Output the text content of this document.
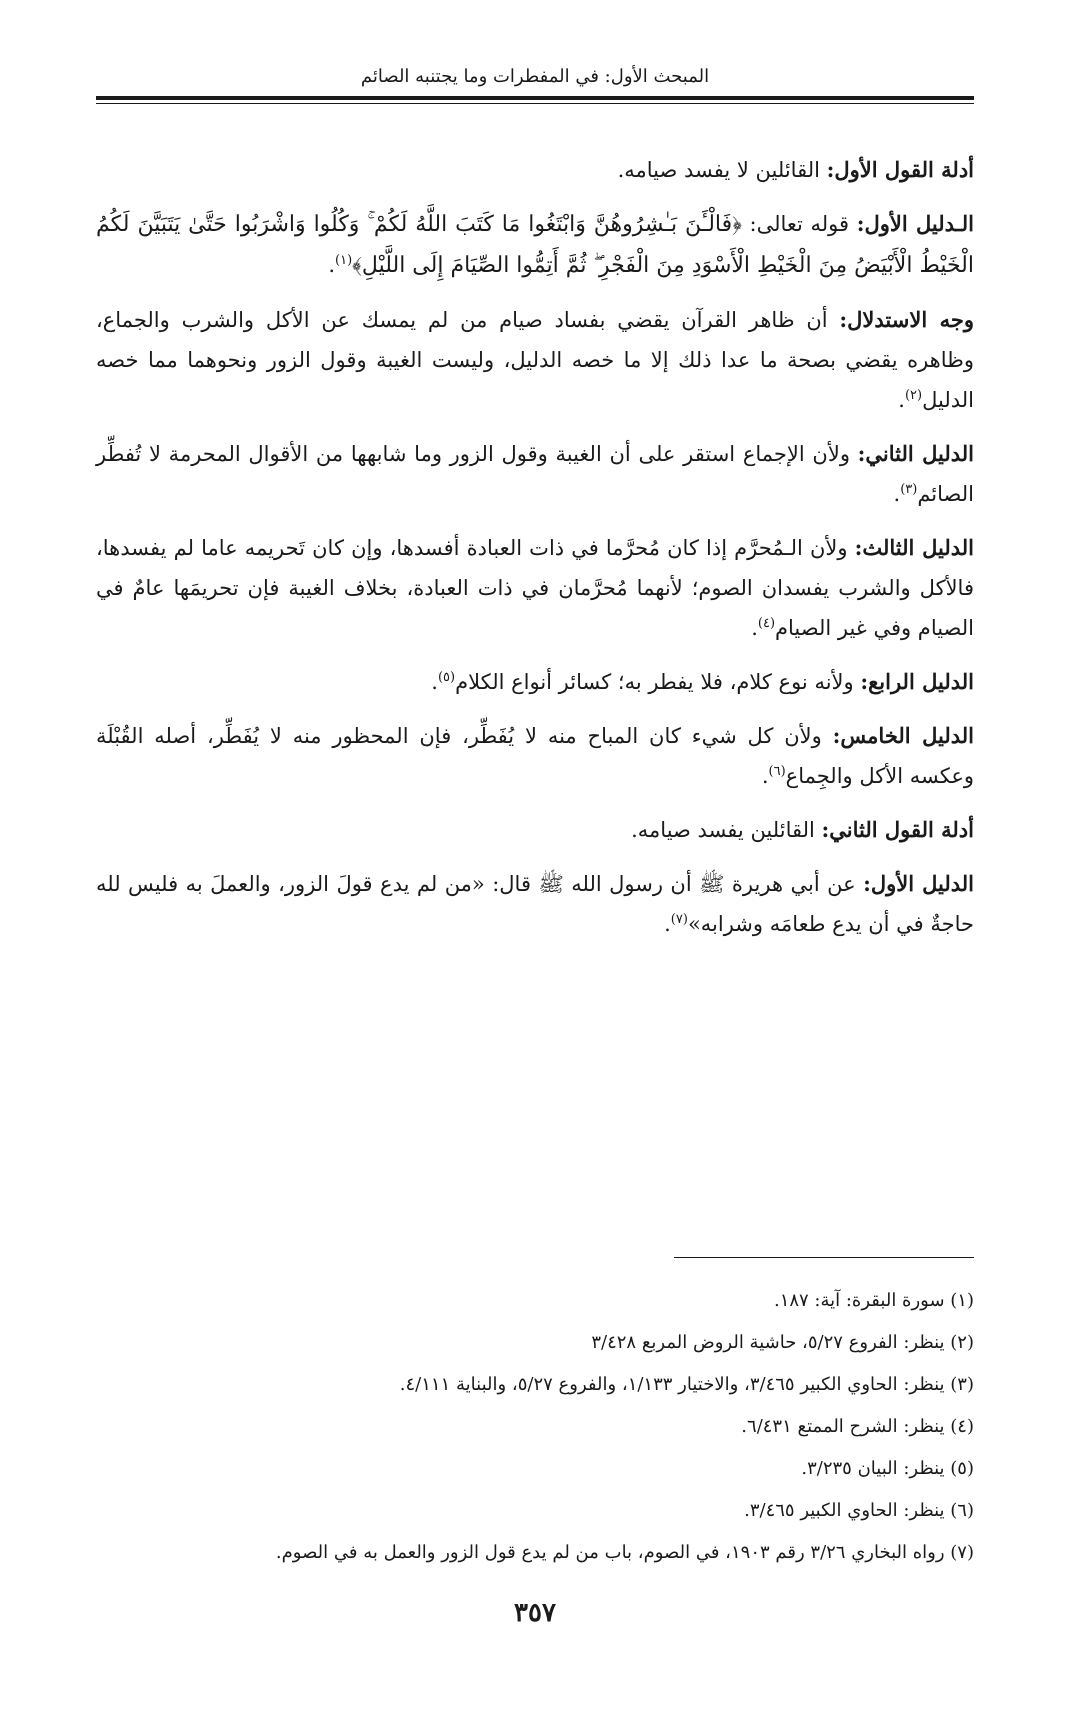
المبحث الأول: في المفطرات وما يجتنبه الصائم

أدلة القول الأول: القائلين لا يفسد صيامه.

الـدليل الأول: قوله تعالى: ﴿فَالْـَٔنَ بَـٰشِرُوهُنَّ وَابْتَغُوا مَا كَتَبَ اللَّهُ لَكُمْ ۚ وَكُلُوا وَاشْرَبُوا حَتَّىٰ يَتَبَيَّنَ لَكُمُ الْخَيْطُ الْأَبْيَضُ مِنَ الْخَيْطِ الْأَسْوَدِ مِنَ الْفَجْرِ ۖ ثُمَّ أَتِمُّوا الصِّيَامَ إِلَى اللَّيْلِ﴾$^{(١)}$.

وجه الاستدلال: أن ظاهر القرآن يقضي بفساد صيام من لم يمسك عن الأكل والشرب والجماع، وظاهره يقضي بصحة ما عدا ذلك إلا ما خصه الدليل، وليست الغيبة وقول الزور ونحوهما مما خصه الدليل$^{(٢)}$.

الدليل الثاني: ولأن الإجماع استقر على أن الغيبة وقول الزور وما شابهها من الأقوال المحرمة لا تُفطِّر الصائم$^{(٣)}$.

الدليل الثالث: ولأن الـمُحرَّم إذا كان مُحرَّما في ذات العبادة أفسدها، وإن كان تَحريمه عاما لم يفسدها، فالأكل والشرب يفسدان الصوم؛ لأنهما مُحرَّمان في ذات العبادة، بخلاف الغيبة فإن تحريمَها عامٌ في الصيام وفي غير الصيام$^{(٤)}$.

الدليل الرابع: ولأنه نوع كلام، فلا يفطر به؛ كسائر أنواع الكلام$^{(٥)}$.

الدليل الخامس: ولأن كل شيء كان المباح منه لا يُفَطِّر، فإن المحظور منه لا يُفَطِّر، أصله القُبْلَة وعكسه الأكل والجِماع$^{(٦)}$.

أدلة القول الثاني: القائلين يفسد صيامه.

الدليل الأول: عن أبي هريرة ﷺ أن رسول الله ﷺ قال: «من لم يدع قولَ الزور، والعملَ به فليس لله حاجةٌ في أن يدع طعامَه وشرابه»$^{(٧)}$.

(١) سورة البقرة: آية: ١٨٧.

(٢) ينظر: الفروع ٥/٢٧، حاشية الروض المربع ٣/٤٢٨

(٣) ينظر: الحاوي الكبير ٣/٤٦٥، والاختيار ١/١٣٣، والفروع ٥/٢٧، والبناية ٤/١١١.

(٤) ينظر: الشرح الممتع ٦/٤٣١.

(٥) ينظر: البيان ٣/٢٣٥.

(٦) ينظر: الحاوي الكبير ٣/٤٦٥.

(٧) رواه البخاري ٣/٢٦ رقم ١٩٠٣، في الصوم، باب من لم يدع قول الزور والعمل به في الصوم.

٣٥٧
